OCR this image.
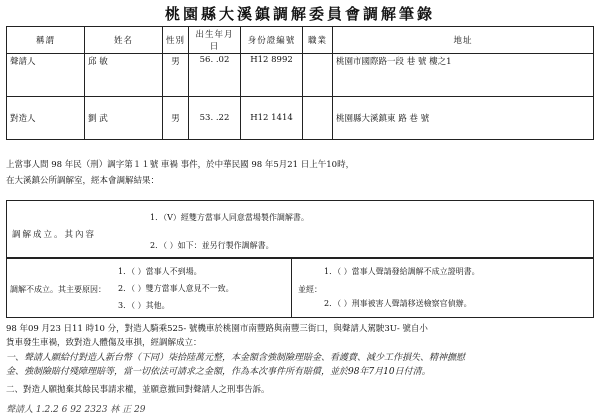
桃園縣大溪鎮調解委員會調解筆錄
稱謂	姓名	性別	出生年月日	身份證編號	職業	地址
聲請人	邱 敏	男	56. .02	H12 8992		桃園市國際路一段 巷 號 樓之1
對造人	劉 武	男	53. .22	H12 1414		桃園縣大溪鎮東 路 巷 號
上當事人間 98 年民（刑）調字第１１號 車禍 事件，於中華民國 98 年5月21 日上午10時，
在大溪鎮公所調解室，經本會調解結果：
調解成立。其內容
1．（V）經雙方當事人同意當場製作調解書。
2．（ ）如下：並另行製作調解書。
調解不成立。其主要原因：
1．（ ）當事人不到場。
2．（ ）雙方當事人意見不一致。
3．（ ）其他。
並經：
1．（ ）當事人聲請發給調解不成立證明書。
2．（ ）刑事被害人聲請移送檢察官偵辦。
98 年09 月23 日11 時10 分，對造人騎乘525- 號機車於桃園市南豐路與南豐三街口，與聲請人駕駛3U- 號自小
貨車發生車禍，致對造人體傷及車損，經調解成立：
一、聲請人願給付對造人新台幣（下同）柒拾陸萬元整，本金額含強制險理賠金、看護費、減少工作損失、精神撫慰
金、強制險賠付殘障理賠等，當一切依法可請求之金額，作為本次事件所有賠償，並於98年7月10日付清。
二、對造人願拋棄其餘民事請求權，並願意撤回對聲請人之刑事告訴。
聲請人 1.2.2 6 92 2323 林 正 29
